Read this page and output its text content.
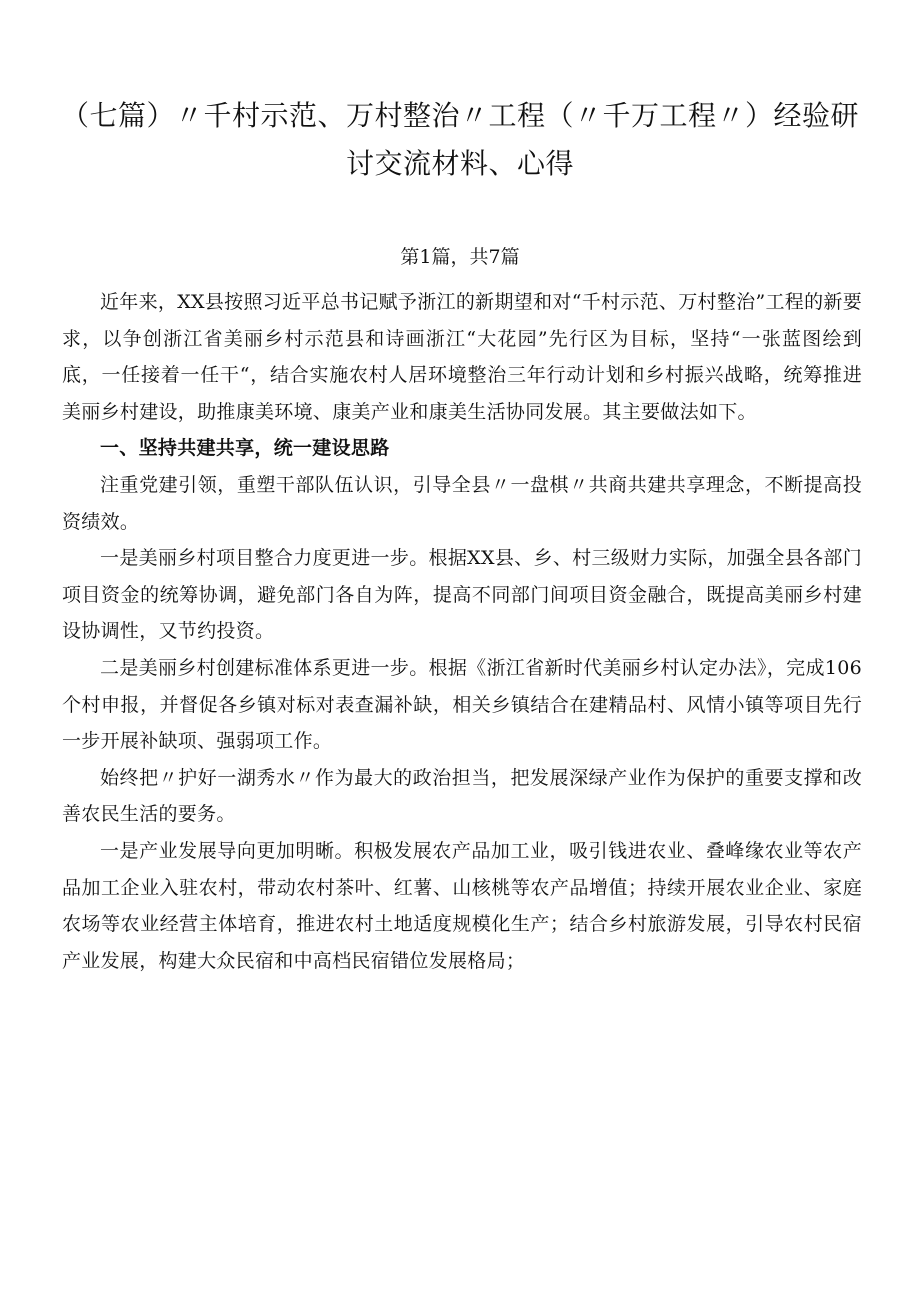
（七篇）〃千村示范、万村整治〃工程（〃千万工程〃）经验研讨交流材料、心得

第1篇，共7篇

近年来，XX县按照习近平总书记赋予浙江的新期望和对“千村示范、万村整治”工程的新要求，以争创浙江省美丽乡村示范县和诗画浙江“大花园”先行区为目标，坚持“一张蓝图绘到底，一任接着一任干“，结合实施农村人居环境整治三年行动计划和乡村振兴战略，统筹推进美丽乡村建设，助推康美环境、康美产业和康美生活协同发展。其主要做法如下。

一、坚持共建共享，统一建设思路

注重党建引领，重塑干部队伍认识，引导全县〃一盘棋〃共商共建共享理念，不断提高投资绩效。

一是美丽乡村项目整合力度更进一步。根据XX县、乡、村三级财力实际，加强全县各部门项目资金的统筹协调，避免部门各自为阵，提高不同部门间项目资金融合，既提高美丽乡村建设协调性，又节约投资。

二是美丽乡村创建标准体系更进一步。根据《浙江省新时代美丽乡村认定办法》，完成106个村申报，并督促各乡镇对标对表查漏补缺，相关乡镇结合在建精品村、风情小镇等项目先行一步开展补缺项、强弱项工作。

始终把〃护好一湖秀水〃作为最大的政治担当，把发展深绿产业作为保护的重要支撑和改善农民生活的要务。

一是产业发展导向更加明晰。积极发展农产品加工业，吸引钱进农业、叠峰缘农业等农产品加工企业入驻农村，带动农村茶叶、红薯、山核桃等农产品增值；持续开展农业企业、家庭农场等农业经营主体培育，推进农村土地适度规模化生产；结合乡村旅游发展，引导农村民宿产业发展，构建大众民宿和中高档民宿错位发展格局；
